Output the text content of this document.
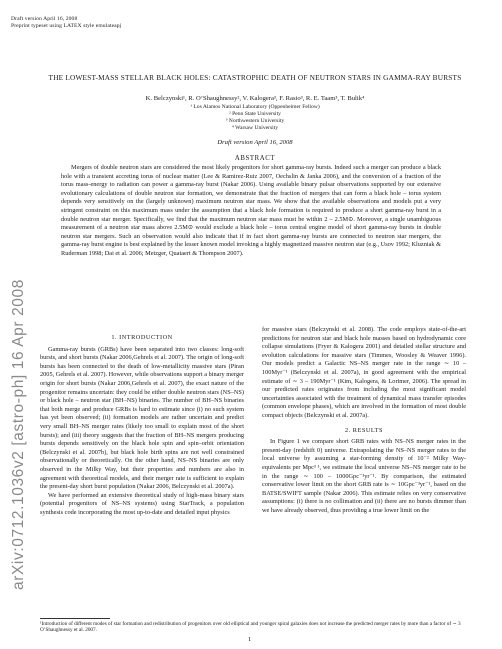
Draft version April 16, 2008
Preprint typeset using LATEX style emulateapj
THE LOWEST-MASS STELLAR BLACK HOLES: CATASTROPHIC DEATH OF NEUTRON STARS IN GAMMA-RAY BURSTS
K. Belczynski¹, R. O’Shaughnessy², V. Kalogera³, F. Rasio³, R. E. Taam³, T. Bulik⁴
¹ Los Alamos National Laboratory (Oppenheimer Fellow)
² Penn State University
³ Northwestern University
⁴ Warsaw University
Draft version April 16, 2008
ABSTRACT

Mergers of double neutron stars are considered the most likely progenitors for short gamma-ray bursts. Indeed such a merger can produce a black hole with a transient accreting torus of nuclear matter (Lee & Ramirez-Ruiz 2007, Oechslin & Janka 2006), and the conversion of a fraction of the torus mass-energy to radiation can power a gamma-ray burst (Nakar 2006). Using available binary pulsar observations supported by our extensive evolutionary calculations of double neutron star formation, we demonstrate that the fraction of mergers that can form a black hole – torus system depends very sensitively on the (largely unknown) maximum neutron star mass. We show that the available observations and models put a very stringent constraint on this maximum mass under the assumption that a black hole formation is required to produce a short gamma-ray burst in a double neutron star merger. Specifically, we find that the maximum neutron star mass must be within 2 – 2.5M⊙. Moreover, a single unambiguous measurement of a neutron star mass above 2.5M⊙ would exclude a black hole – torus central engine model of short gamma-ray bursts in double neutron star mergers. Such an observation would also indicate that if in fact short gamma-ray bursts are connected to neutron star mergers, the gamma-ray burst engine is best explained by the lesser known model invoking a highly magnetized massive neutron star (e.g., Usov 1992; Kluzniak & Ruderman 1998; Dai et al. 2006; Metzger, Quataert & Thompson 2007).

arXiv:0712.1036v2 [astro-ph] 16 Apr 2008	1. INTRODUCTION

Gamma-ray bursts (GRBs) have been separated into two classes: long-soft bursts, and short bursts (Nakar 2006,Gehrels et al. 2007). The origin of long-soft bursts has been connected to the death of low-metallicity massive stars (Piran 2005, Gehrels et al. 2007). However, while observations support a binary merger origin for short bursts (Nakar 2006,Gehrels et al. 2007), the exact nature of the progenitor remains uncertain: they could be either double neutron stars (NS–NS) or black hole – neutron star (BH–NS) binaries. The number of BH–NS binaries that both merge and produce GRBs is hard to estimate since (i) no such system has yet been observed; (ii) formation models are rather uncertain and predict very small BH–NS merger rates (likely too small to explain most of the short bursts); and (iii) theory suggests that the fraction of BH–NS mergers producing bursts depends sensitively on the black hole spin and spin–orbit orientation (Belczynski et al. 2007b), but black hole birth spins are not well constrained observationally or theoretically. On the other hand, NS–NS binaries are only observed in the Milky Way, but their properties and numbers are also in agreement with theoretical models, and their merger rate is sufficient to explain the present-day short burst population (Nakar 2006, Belczynski et al. 2007a).

We have performed an extensive theoretical study of high-mass binary stars (potential progenitors of NS–NS systems) using StarTrack, a population synthesis code incorporating the most up-to-date and detailed input physics

for massive stars (Belczynski et al. 2008). The code employs state-of-the-art predictions for neutron star and black hole masses based on hydrodynamic core collapse simulations (Fryer & Kalogera 2001) and detailed stellar structure and evolution calculations for massive stars (Timmes, Woosley & Weaver 1996). Our models predict a Galactic NS–NS merger rate in the range ∼ 10 – 100Myr⁻¹ (Belczynski et al. 2007a), in good agreement with the empirical estimate of ∼ 3 – 190Myr⁻¹ (Kim, Kalogera, & Lorimer, 2006). The spread in our predicted rates originates from including the most significant model uncertainties associated with the treatment of dynamical mass transfer episodes (common envelope phases), which are involved in the formation of most double compact objects (Belczynski et al. 2007a).

2. RESULTS

In Figure 1 we compare short GRB rates with NS–NS merger rates in the present-day (redshift 0) universe. Extrapolating the NS–NS merger rates to the local universe by assuming a star-forming density of 10⁻² Milky Way-equivalents per Mpc³ ¹, we estimate the local universe NS–NS merger rate to be in the range ∼ 100 – 1000Gpc⁻³yr⁻¹. By comparison, the estimated conservative lower limit on the short GRB rate is ∼ 10Gpc⁻³yr⁻¹, based on the BATSE/SWIFT sample (Nakar 2006). This estimate relies on very conservative assumptions: (i) there is no collimation and (ii) there are no bursts dimmer than we have already observed, thus providing a true lower limit on the

¹Introduction of different modes of star formation and redistribution of progenitors over old elliptical and younger spiral galaxies does not increase the predicted merger rates by more than a factor of ∼ 3 O’Shaughnessy et al. 2007.
1
